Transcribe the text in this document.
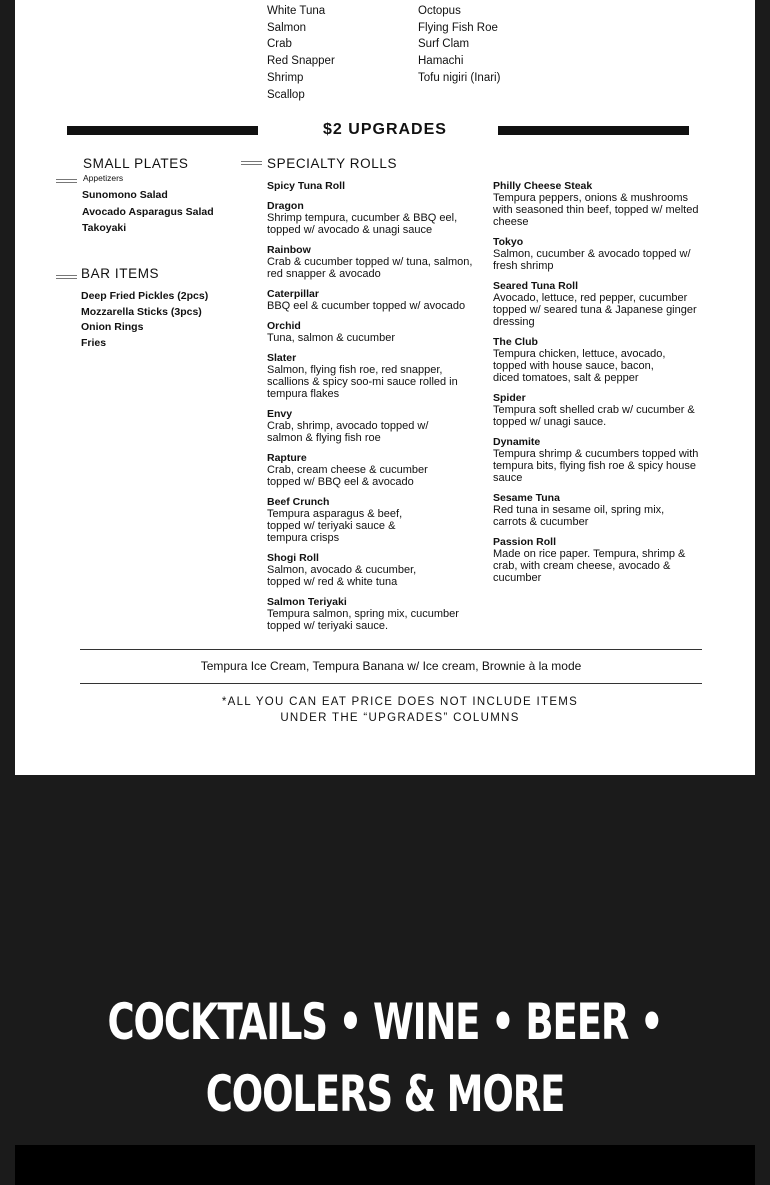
White Tuna
Salmon
Crab
Red Snapper
Shrimp
Scallop
Octopus
Flying Fish Roe
Surf Clam
Hamachi
Tofu nigiri (Inari)
$2 UPGRADES
SMALL PLATES
Appetizers
Sunomono Salad
Avocado Asparagus Salad
Takoyaki
BAR ITEMS
Deep Fried Pickles (2pcs)
Mozzarella Sticks (3pcs)
Onion Rings
Fries
SPECIALTY ROLLS
Spicy Tuna Roll
Dragon
Shrimp tempura, cucumber & BBQ eel, topped w/ avocado & unagi sauce
Rainbow
Crab & cucumber topped w/ tuna, salmon, red snapper & avocado
Caterpillar
BBQ eel & cucumber topped w/ avocado
Orchid
Tuna, salmon & cucumber
Slater
Salmon, flying fish roe, red snapper, scallions & spicy soo-mi sauce rolled in tempura flakes
Envy
Crab, shrimp, avocado topped w/ salmon & flying fish roe
Rapture
Crab, cream cheese & cucumber topped w/ BBQ eel & avocado
Beef Crunch
Tempura asparagus & beef, topped w/ teriyaki sauce & tempura crisps
Shogi Roll
Salmon, avocado & cucumber, topped w/ red & white tuna
Salmon Teriyaki
Tempura salmon, spring mix, cucumber topped w/ teriyaki sauce.
Philly Cheese Steak
Tempura peppers, onions & mushrooms with seasoned thin beef, topped w/ melted cheese
Tokyo
Salmon, cucumber & avocado topped w/ fresh shrimp
Seared Tuna Roll
Avocado, lettuce, red pepper, cucumber topped w/ seared tuna & Japanese ginger dressing
The Club
Tempura chicken, lettuce, avocado, topped with house sauce, bacon, diced tomatoes, salt & pepper
Spider
Tempura soft shelled crab w/ cucumber & topped w/ unagi sauce.
Dynamite
Tempura shrimp & cucumbers topped with tempura bits, flying fish roe & spicy house sauce
Sesame Tuna
Red tuna in sesame oil, spring mix, carrots & cucumber
Passion Roll
Made on rice paper. Tempura, shrimp & crab, with cream cheese, avocado & cucumber
Tempura Ice Cream, Tempura Banana w/ Ice cream, Brownie à la mode
*ALL YOU CAN EAT PRICE DOES NOT INCLUDE ITEMS
UNDER THE “UPGRADES” COLUMNS
COCKTAILS • WINE • BEER • COOLERS & MORE
